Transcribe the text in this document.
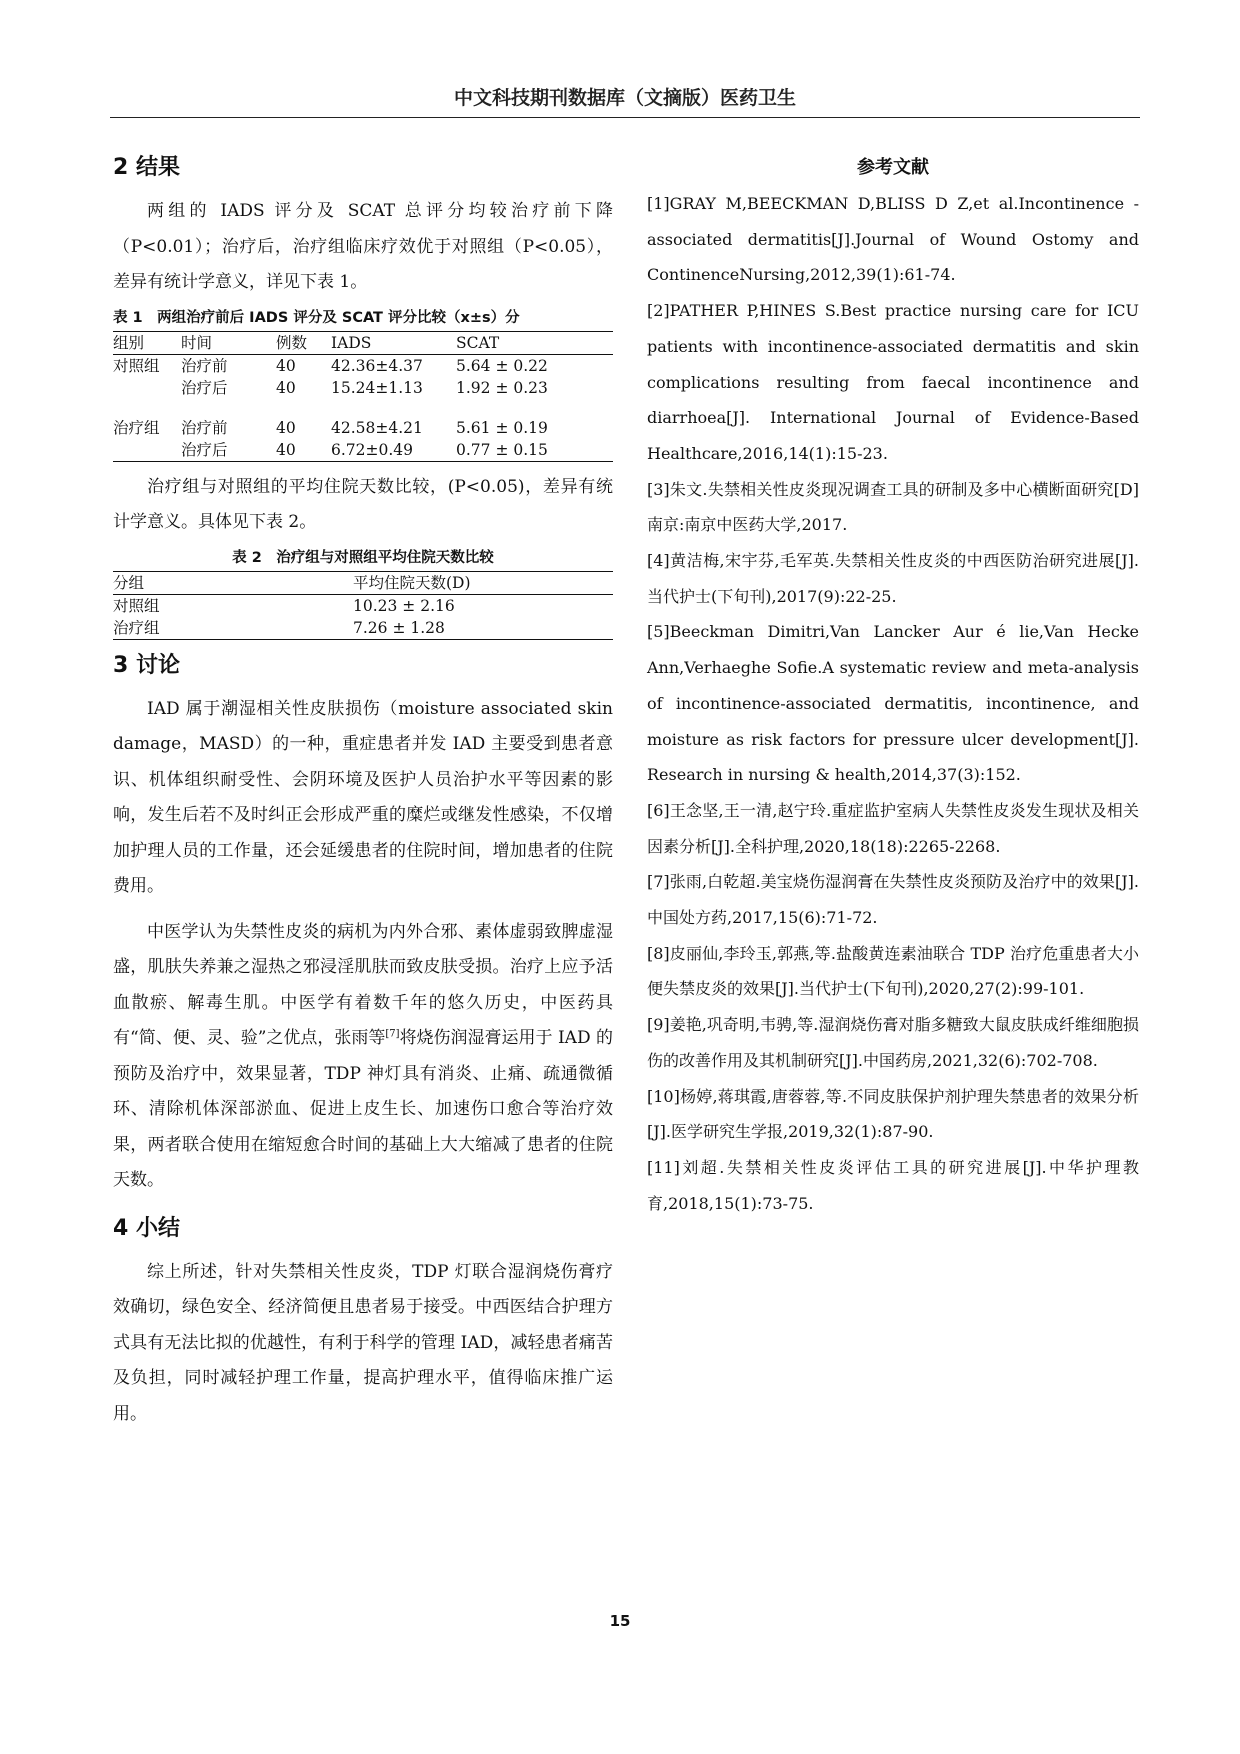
中文科技期刊数据库（文摘版）医药卫生
2 结果

两组的 IADS 评分及 SCAT 总评分均较治疗前下降（P<0.01）；治疗后，治疗组临床疗效优于对照组（P<0.05），差异有统计学意义，详见下表 1。

表 1　两组治疗前后 IADS 评分及 SCAT 评分比较（x±s）分
组别	时间	例数	IADS	SCAT
对照组	治疗前	40	42.36±4.37	5.64 ± 0.22
	治疗后	40	15.24±1.13	1.92 ± 0.23

治疗组	治疗前	40	42.58±4.21	5.61 ± 0.19
	治疗后	40	6.72±0.49	0.77 ± 0.15

治疗组与对照组的平均住院天数比较，(P<0.05)，差异有统计学意义。具体见下表 2。

表 2　治疗组与对照组平均住院天数比较
分组	平均住院天数(D)
对照组	10.23 ± 2.16
治疗组	7.26 ± 1.28
3 讨论

IAD 属于潮湿相关性皮肤损伤（moisture associated skin damage，MASD）的一种，重症患者并发 IAD 主要受到患者意识、机体组织耐受性、会阴环境及医护人员治护水平等因素的影响，发生后若不及时纠正会形成严重的糜烂或继发性感染，不仅增加护理人员的工作量，还会延缓患者的住院时间，增加患者的住院费用。

中医学认为失禁性皮炎的病机为内外合邪、素体虚弱致脾虚湿盛，肌肤失养兼之湿热之邪浸淫肌肤而致皮肤受损。治疗上应予活血散瘀、解毒生肌。中医学有着数千年的悠久历史，中医药具有“简、便、灵、验”之优点，张雨等[7]将烧伤润湿膏运用于 IAD 的预防及治疗中，效果显著，TDP 神灯具有消炎、止痛、疏通微循环、清除机体深部淤血、促进上皮生长、加速伤口愈合等治疗效果，两者联合使用在缩短愈合时间的基础上大大缩减了患者的住院天数。

4 小结

综上所述，针对失禁相关性皮炎，TDP 灯联合湿润烧伤膏疗效确切，绿色安全、经济简便且患者易于接受。中西医结合护理方式具有无法比拟的优越性，有利于科学的管理 IAD，减轻患者痛苦及负担，同时减轻护理工作量，提高护理水平，值得临床推广运用。

参考文献

[1]GRAY M,BEECKMAN D,BLISS D Z,et al.Incontinence - associated dermatitis[J].Journal of Wound Ostomy and ContinenceNursing,2012,39(1):61-74.

[2]PATHER P,HINES S.Best practice nursing care for ICU patients with incontinence-associated dermatitis and skin complications resulting from faecal incontinence and diarrhoea[J]. International Journal of Evidence-Based Healthcare,2016,14(1):15-23.

[3]朱文.失禁相关性皮炎现况调查工具的研制及多中心横断面研究[D]南京:南京中医药大学,2017.

[4]黄洁梅,宋宇芬,毛军英.失禁相关性皮炎的中西医防治研究进展[J].当代护士(下旬刊),2017(9):22-25.

[5]Beeckman Dimitri,Van Lancker Aur é lie,Van Hecke Ann,Verhaeghe Sofie.A systematic review and meta-analysis of incontinence-associated dermatitis, incontinence, and moisture as risk factors for pressure ulcer development[J]. Research in nursing & health,2014,37(3):152.

[6]王念坚,王一清,赵宁玲.重症监护室病人失禁性皮炎发生现状及相关因素分析[J].全科护理,2020,18(18):2265-2268.

[7]张雨,白乾超.美宝烧伤湿润膏在失禁性皮炎预防及治疗中的效果[J].中国处方药,2017,15(6):71-72.

[8]皮丽仙,李玲玉,郭燕,等.盐酸黄连素油联合 TDP 治疗危重患者大小便失禁皮炎的效果[J].当代护士(下旬刊),2020,27(2):99-101.

[9]姜艳,巩奇明,韦骋,等.湿润烧伤膏对脂多糖致大鼠皮肤成纤维细胞损伤的改善作用及其机制研究[J].中国药房,2021,32(6):702-708.

[10]杨婷,蒋琪霞,唐蓉蓉,等.不同皮肤保护剂护理失禁患者的效果分析[J].医学研究生学报,2019,32(1):87-90.

[11]刘超.失禁相关性皮炎评估工具的研究进展[J].中华护理教育,2018,15(1):73-75.

15
